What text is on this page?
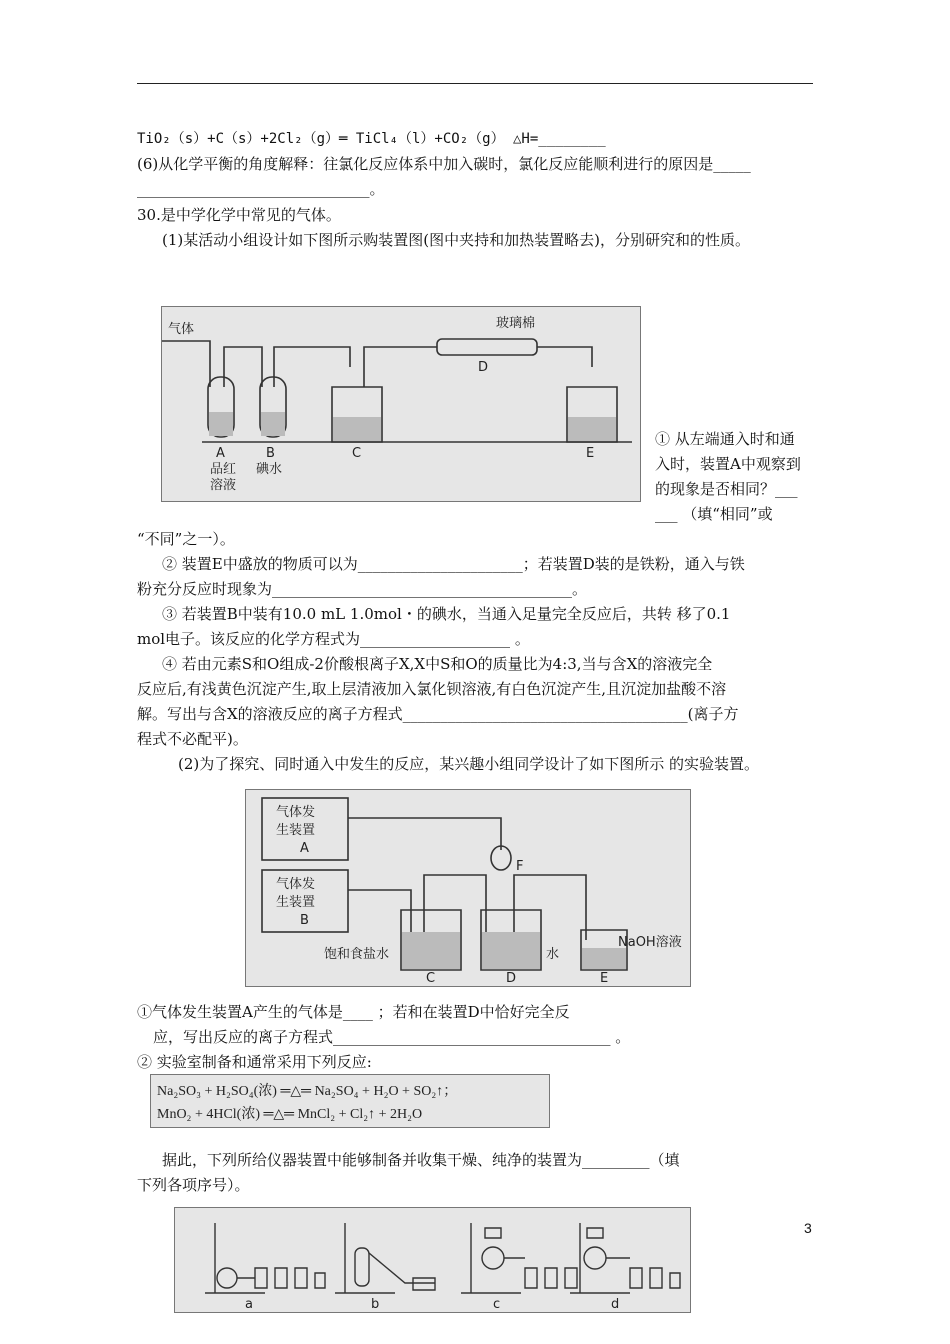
TiO₂（s）+C（s）+2Cl₂（g）═ TiCl₄（l）+CO₂（g） △H=________
(6)从化学平衡的角度解释：往氯化反应体系中加入碳时，氯化反应能顺利进行的原因是_____
_______________________________。
30.是中学化学中常见的气体。
(1)某活动小组设计如下图所示购装置图(图中夹持和加热装置略去)，分别研究和的性质。
气体	玻璃棉
D
A	B	C	E
品红
溶液
碘水
① 从左端通入时和通
入时，装置A中观察到
的现象是否相同？___
___ （填“相同”或
“不同”之一）。
② 装置E中盛放的物质可以为______________________；若装置D装的是铁粉，通入与铁
粉充分反应时现象为________________________________________。
③ 若装置B中装有10.0 mL 1.0mol・的碘水，当通入足量完全反应后，共转 移了0.1
mol电子。该反应的化学方程式为____________________ 。
④ 若由元素S和O组成-2价酸根离子X,X中S和O的质量比为4:3,当与含X的溶液完全
反应后,有浅黄色沉淀产生,取上层清液加入氯化钡溶液,有白色沉淀产生,且沉淀加盐酸不溶
解。写出与含X的溶液反应的离子方程式______________________________________(离子方
程式不必配平)。
(2)为了探究、同时通入中发生的反应，某兴趣小组同学设计了如下图所示 的实验装置。
气体发
生装置
A
气体发
生装置
B
F
饱和食盐水	水
NaOH溶液
C	D	E
①气体发生装置A产生的气体是____ ；若和在装置D中恰好完全反
应，写出反应的离子方程式_____________________________________ 。
② 实验室制备和通常采用下列反应:
Na₂SO₃ + H₂SO₄(浓) ═△═ Na₂SO₄ + H₂O + SO₂↑；
MnO₂ + 4HCl(浓) ═△═ MnCl₂ + Cl₂↑ + 2H₂O
据此，下列所给仪器装置中能够制备并收集干燥、纯净的装置为_________（填
下列各项序号）。
a	b	c	d
3
